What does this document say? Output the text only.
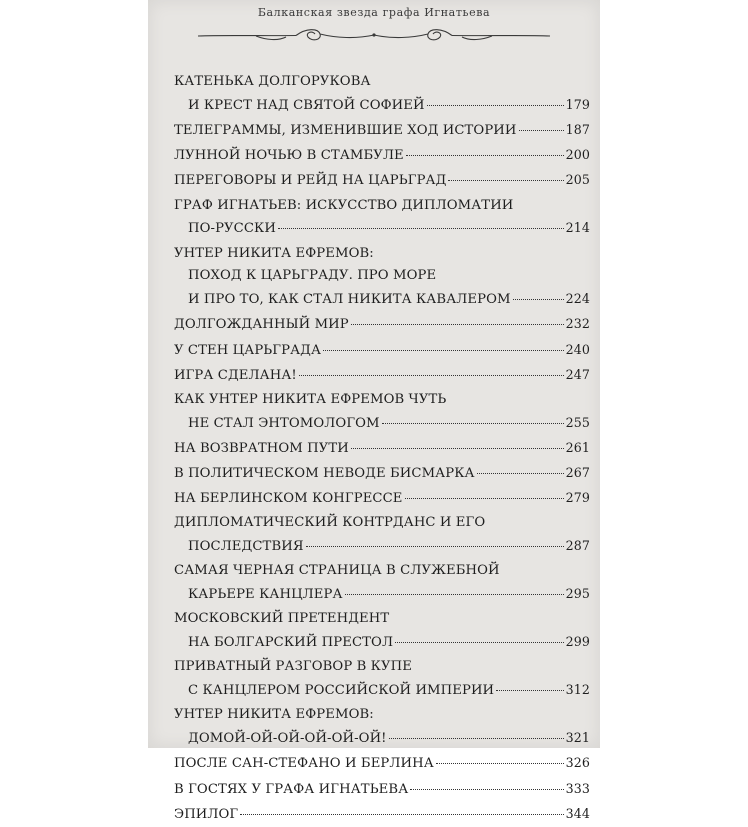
Балканская звезда графа Игнатьева
КАТЕНЬКА ДОЛГОРУКОВА
И КРЕСТ НАД СВЯТОЙ СОФИЕЙ	179
ТЕЛЕГРАММЫ, ИЗМЕНИВШИЕ ХОД ИСТОРИИ	187
ЛУННОЙ НОЧЬЮ В СТАМБУЛЕ	200
ПЕРЕГОВОРЫ И РЕЙД НА ЦАРЬГРАД	205
ГРАФ ИГНАТЬЕВ: ИСКУССТВО ДИПЛОМАТИИ
ПО-РУССКИ	214
УНТЕР НИКИТА ЕФРЕМОВ:
ПОХОД К ЦАРЬГРАДУ. ПРО МОРЕ
И ПРО ТО, КАК СТАЛ НИКИТА КАВАЛЕРОМ	224
ДОЛГОЖДАННЫЙ МИР	232
У СТЕН ЦАРЬГРАДА	240
ИГРА СДЕЛАНА!	247
КАК УНТЕР НИКИТА ЕФРЕМОВ ЧУТЬ
НЕ СТАЛ ЭНТОМОЛОГОМ	255
НА ВОЗВРАТНОМ ПУТИ	261
В ПОЛИТИЧЕСКОМ НЕВОДЕ БИСМАРКА	267
НА БЕРЛИНСКОМ КОНГРЕССЕ	279
ДИПЛОМАТИЧЕСКИЙ КОНТРДАНС И ЕГО
ПОСЛЕДСТВИЯ	287
САМАЯ ЧЕРНАЯ СТРАНИЦА В СЛУЖЕБНОЙ
КАРЬЕРЕ КАНЦЛЕРА	295
МОСКОВСКИЙ ПРЕТЕНДЕНТ
НА БОЛГАРСКИЙ ПРЕСТОЛ	299
ПРИВАТНЫЙ РАЗГОВОР В КУПЕ
С КАНЦЛЕРОМ РОССИЙСКОЙ ИМПЕРИИ	312
УНТЕР НИКИТА ЕФРЕМОВ:
ДОМОЙ-ОЙ-ОЙ-ОЙ-ОЙ-ОЙ!	321
ПОСЛЕ САН-СТЕФАНО И БЕРЛИНА	326
В ГОСТЯХ У ГРАФА ИГНАТЬЕВА	333
ЭПИЛОГ	344
